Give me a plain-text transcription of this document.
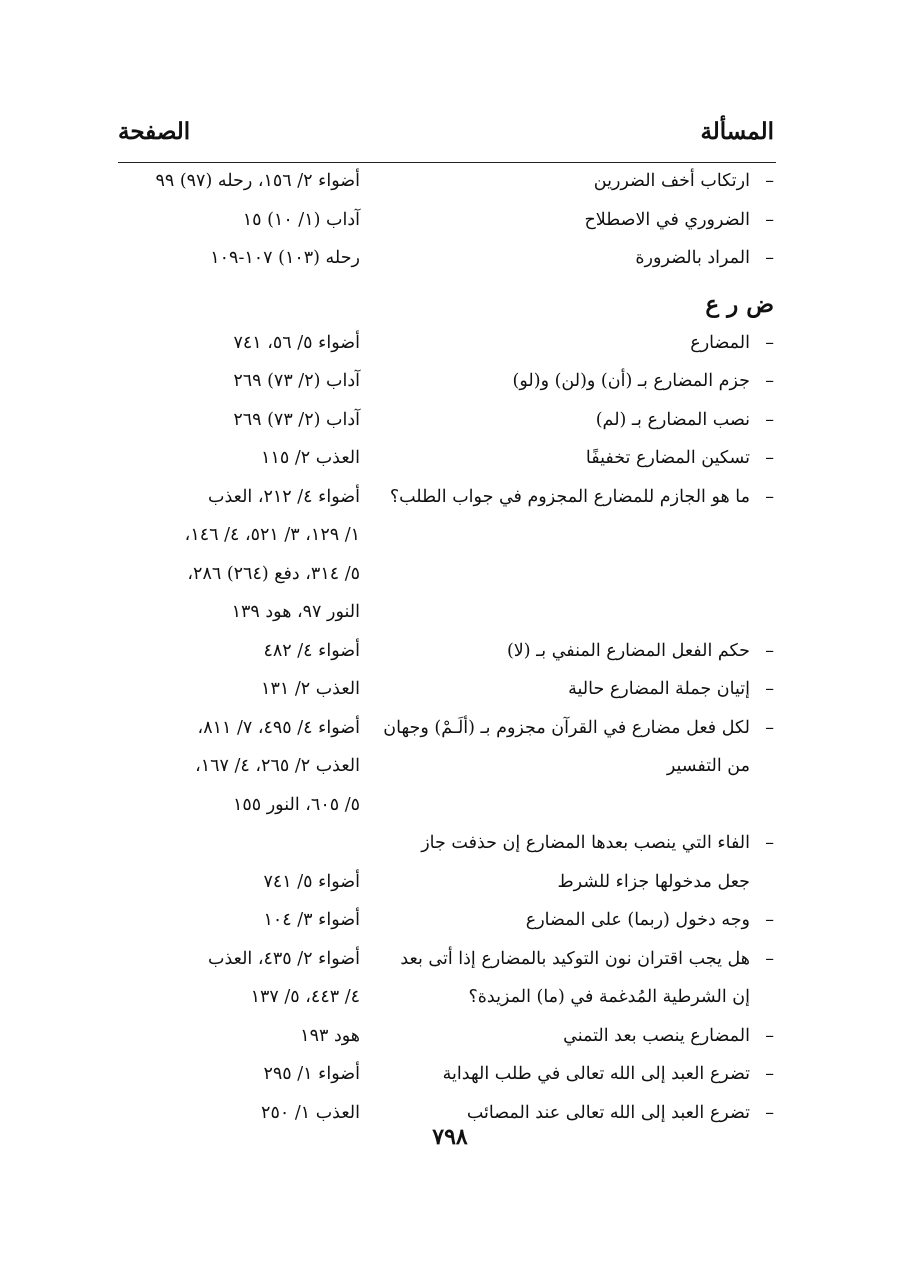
المسألة
الصفحة
–
ارتكاب أخف الضررين
أضواء ٢/ ١٥٦، رحله (٩٧) ٩٩
–
الضروري في الاصطلاح
آداب (١/ ١٠) ١٥
–
المراد بالضرورة
رحله (١٠٣) ١٠٧-١٠٩
ض ر ع
–
المضارع
أضواء ٥/ ٥٦، ٧٤١
–
جزم المضارع بـ (أن) و(لن) و(لو)
آداب (٢/ ٧٣) ٢٦٩
–
نصب المضارع بـ (لم)
آداب (٢/ ٧٣) ٢٦٩
–
تسكين المضارع تخفيفًا
العذب ٢/ ١١٥
–
ما هو الجازم للمضارع المجزوم في جواب الطلب؟
أضواء ٤/ ٢١٢، العذب
١/ ١٢٩، ٣/ ٥٢١، ٤/ ١٤٦،
٥/ ٣١٤، دفع (٢٦٤) ٢٨٦،
النور ٩٧، هود ١٣٩
–
حكم الفعل المضارع المنفي بـ (لا)
أضواء ٤/ ٤٨٢
–
إتيان جملة المضارع حالية
العذب ٢/ ١٣١
–
لكل فعل مضارع في القرآن مجزوم بـ (ألَـمْ) وجهان
من التفسير
أضواء ٤/ ٤٩٥، ٧/ ٨١١،
العذب ٢/ ٢٦٥، ٤/ ١٦٧،
٥/ ٦٠٥، النور ١٥٥
–
الفاء التي ينصب بعدها المضارع إن حذفت جاز
جعل مدخولها جزاء للشرط
أضواء ٥/ ٧٤١
–
وجه دخول (ربما) على المضارع
أضواء ٣/ ١٠٤
–
هل يجب اقتران نون التوكيد بالمضارع إذا أتى بعد
إن الشرطية المُدغمة في (ما) المزيدة؟
أضواء ٢/ ٤٣٥، العذب
٤/ ٤٤٣، ٥/ ١٣٧
–
المضارع ينصب بعد التمني
هود ١٩٣
–
تضرع العبد إلى الله تعالى في طلب الهداية
أضواء ١/ ٢٩٥
–
تضرع العبد إلى الله تعالى عند المصائب
العذب ١/ ٢٥٠
٧٩٨
